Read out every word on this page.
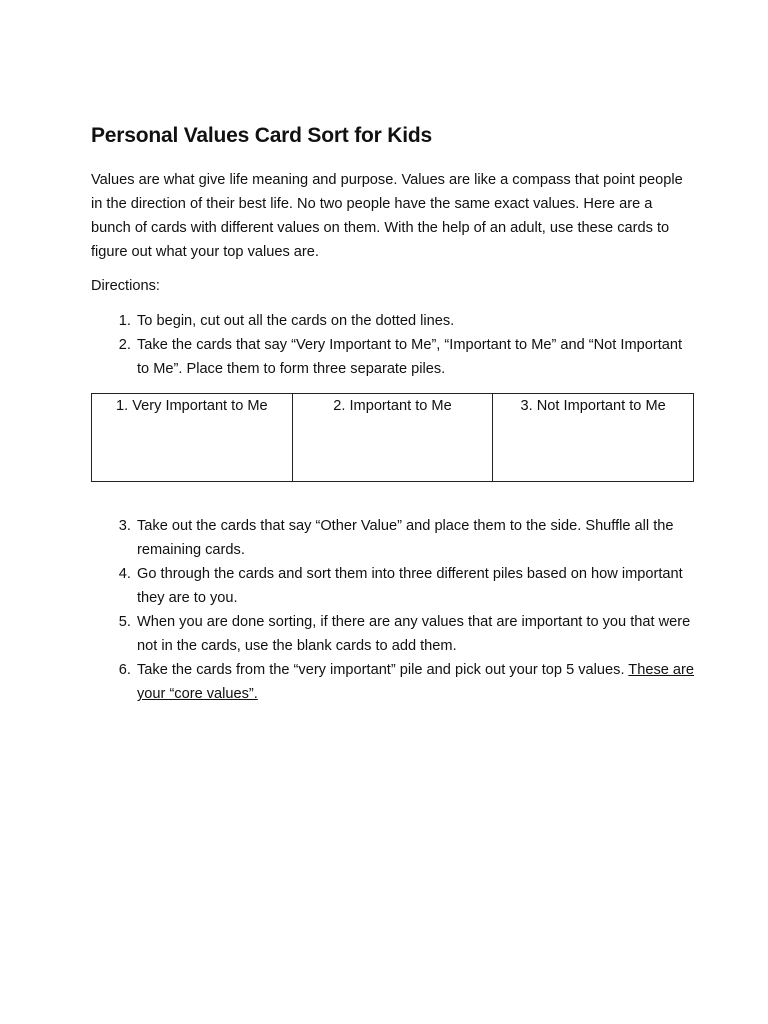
Personal Values Card Sort for Kids

Values are what give life meaning and purpose. Values are like a compass that point people in the direction of their best life. No two people have the same exact values. Here are a bunch of cards with different values on them. With the help of an adult, use these cards to figure out what your top values are.

Directions:

1. To begin, cut out all the cards on the dotted lines.
2. Take the cards that say “Very Important to Me”, “Important to Me” and “Not Important to Me”. Place them to form three separate piles.
1. Very Important to Me	2. Important to Me	3. Not Important to Me
3. Take out the cards that say “Other Value” and place them to the side. Shuffle all the remaining cards.
4. Go through the cards and sort them into three different piles based on how important they are to you.
5. When you are done sorting, if there are any values that are important to you that were not in the cards, use the blank cards to add them.
6. Take the cards from the “very important” pile and pick out your top 5 values. These are your “core values”.
